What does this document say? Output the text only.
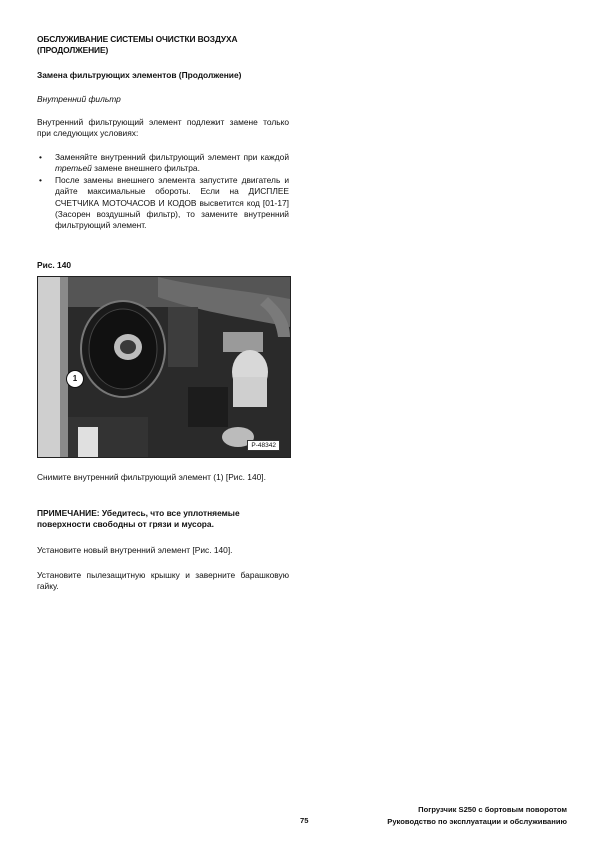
ОБСЛУЖИВАНИЕ СИСТЕМЫ ОЧИСТКИ ВОЗДУХА (ПРОДОЛЖЕНИЕ)
Замена фильтрующих элементов (Продолжение)
Внутренний фильтр
Внутренний фильтрующий элемент подлежит замене только при следующих условиях:
• Заменяйте внутренний фильтрующий элемент при каждой третьей замене внешнего фильтра.
• После замены внешнего элемента запустите двигатель и дайте максимальные обороты. Если на ДИСПЛЕЕ СЧЕТЧИКА МОТОЧАСОВ И КОДОВ высветится код [01-17] (Засорен воздушный фильтр), то замените внутренний фильтрующий элемент.
Рис. 140
P-48342
1
Снимите внутренний фильтрующий элемент (1) [Рис. 140].
ПРИМЕЧАНИЕ: Убедитесь, что все уплотняемые поверхности свободны от грязи и мусора.
Установите новый внутренний элемент [Рис. 140].
Установите пылезащитную крышку и заверните барашковую гайку.
75
Погрузчик S250 с бортовым поворотом
Руководство по эксплуатации и обслуживанию
